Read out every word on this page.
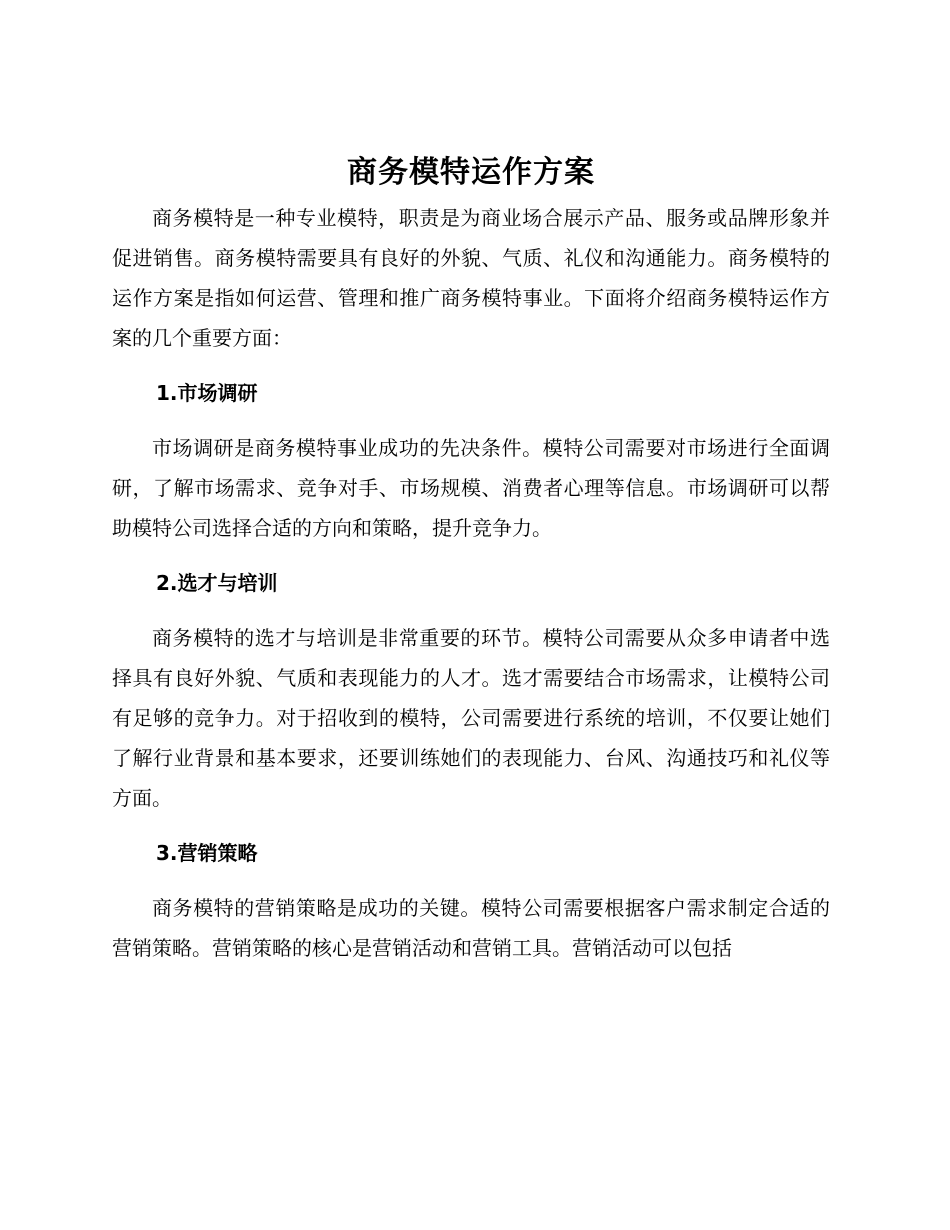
商务模特运作方案

商务模特是一种专业模特，职责是为商业场合展示产品、服务或品牌形象并促进销售。商务模特需要具有良好的外貌、气质、礼仪和沟通能力。商务模特的运作方案是指如何运营、管理和推广商务模特事业。下面将介绍商务模特运作方案的几个重要方面：

1.市场调研

市场调研是商务模特事业成功的先决条件。模特公司需要对市场进行全面调研，了解市场需求、竞争对手、市场规模、消费者心理等信息。市场调研可以帮助模特公司选择合适的方向和策略，提升竞争力。

2.选才与培训

商务模特的选才与培训是非常重要的环节。模特公司需要从众多申请者中选择具有良好外貌、气质和表现能力的人才。选才需要结合市场需求，让模特公司有足够的竞争力。对于招收到的模特，公司需要进行系统的培训，不仅要让她们了解行业背景和基本要求，还要训练她们的表现能力、台风、沟通技巧和礼仪等方面。

3.营销策略

商务模特的营销策略是成功的关键。模特公司需要根据客户需求制定合适的营销策略。营销策略的核心是营销活动和营销工具。营销活动可以包括
